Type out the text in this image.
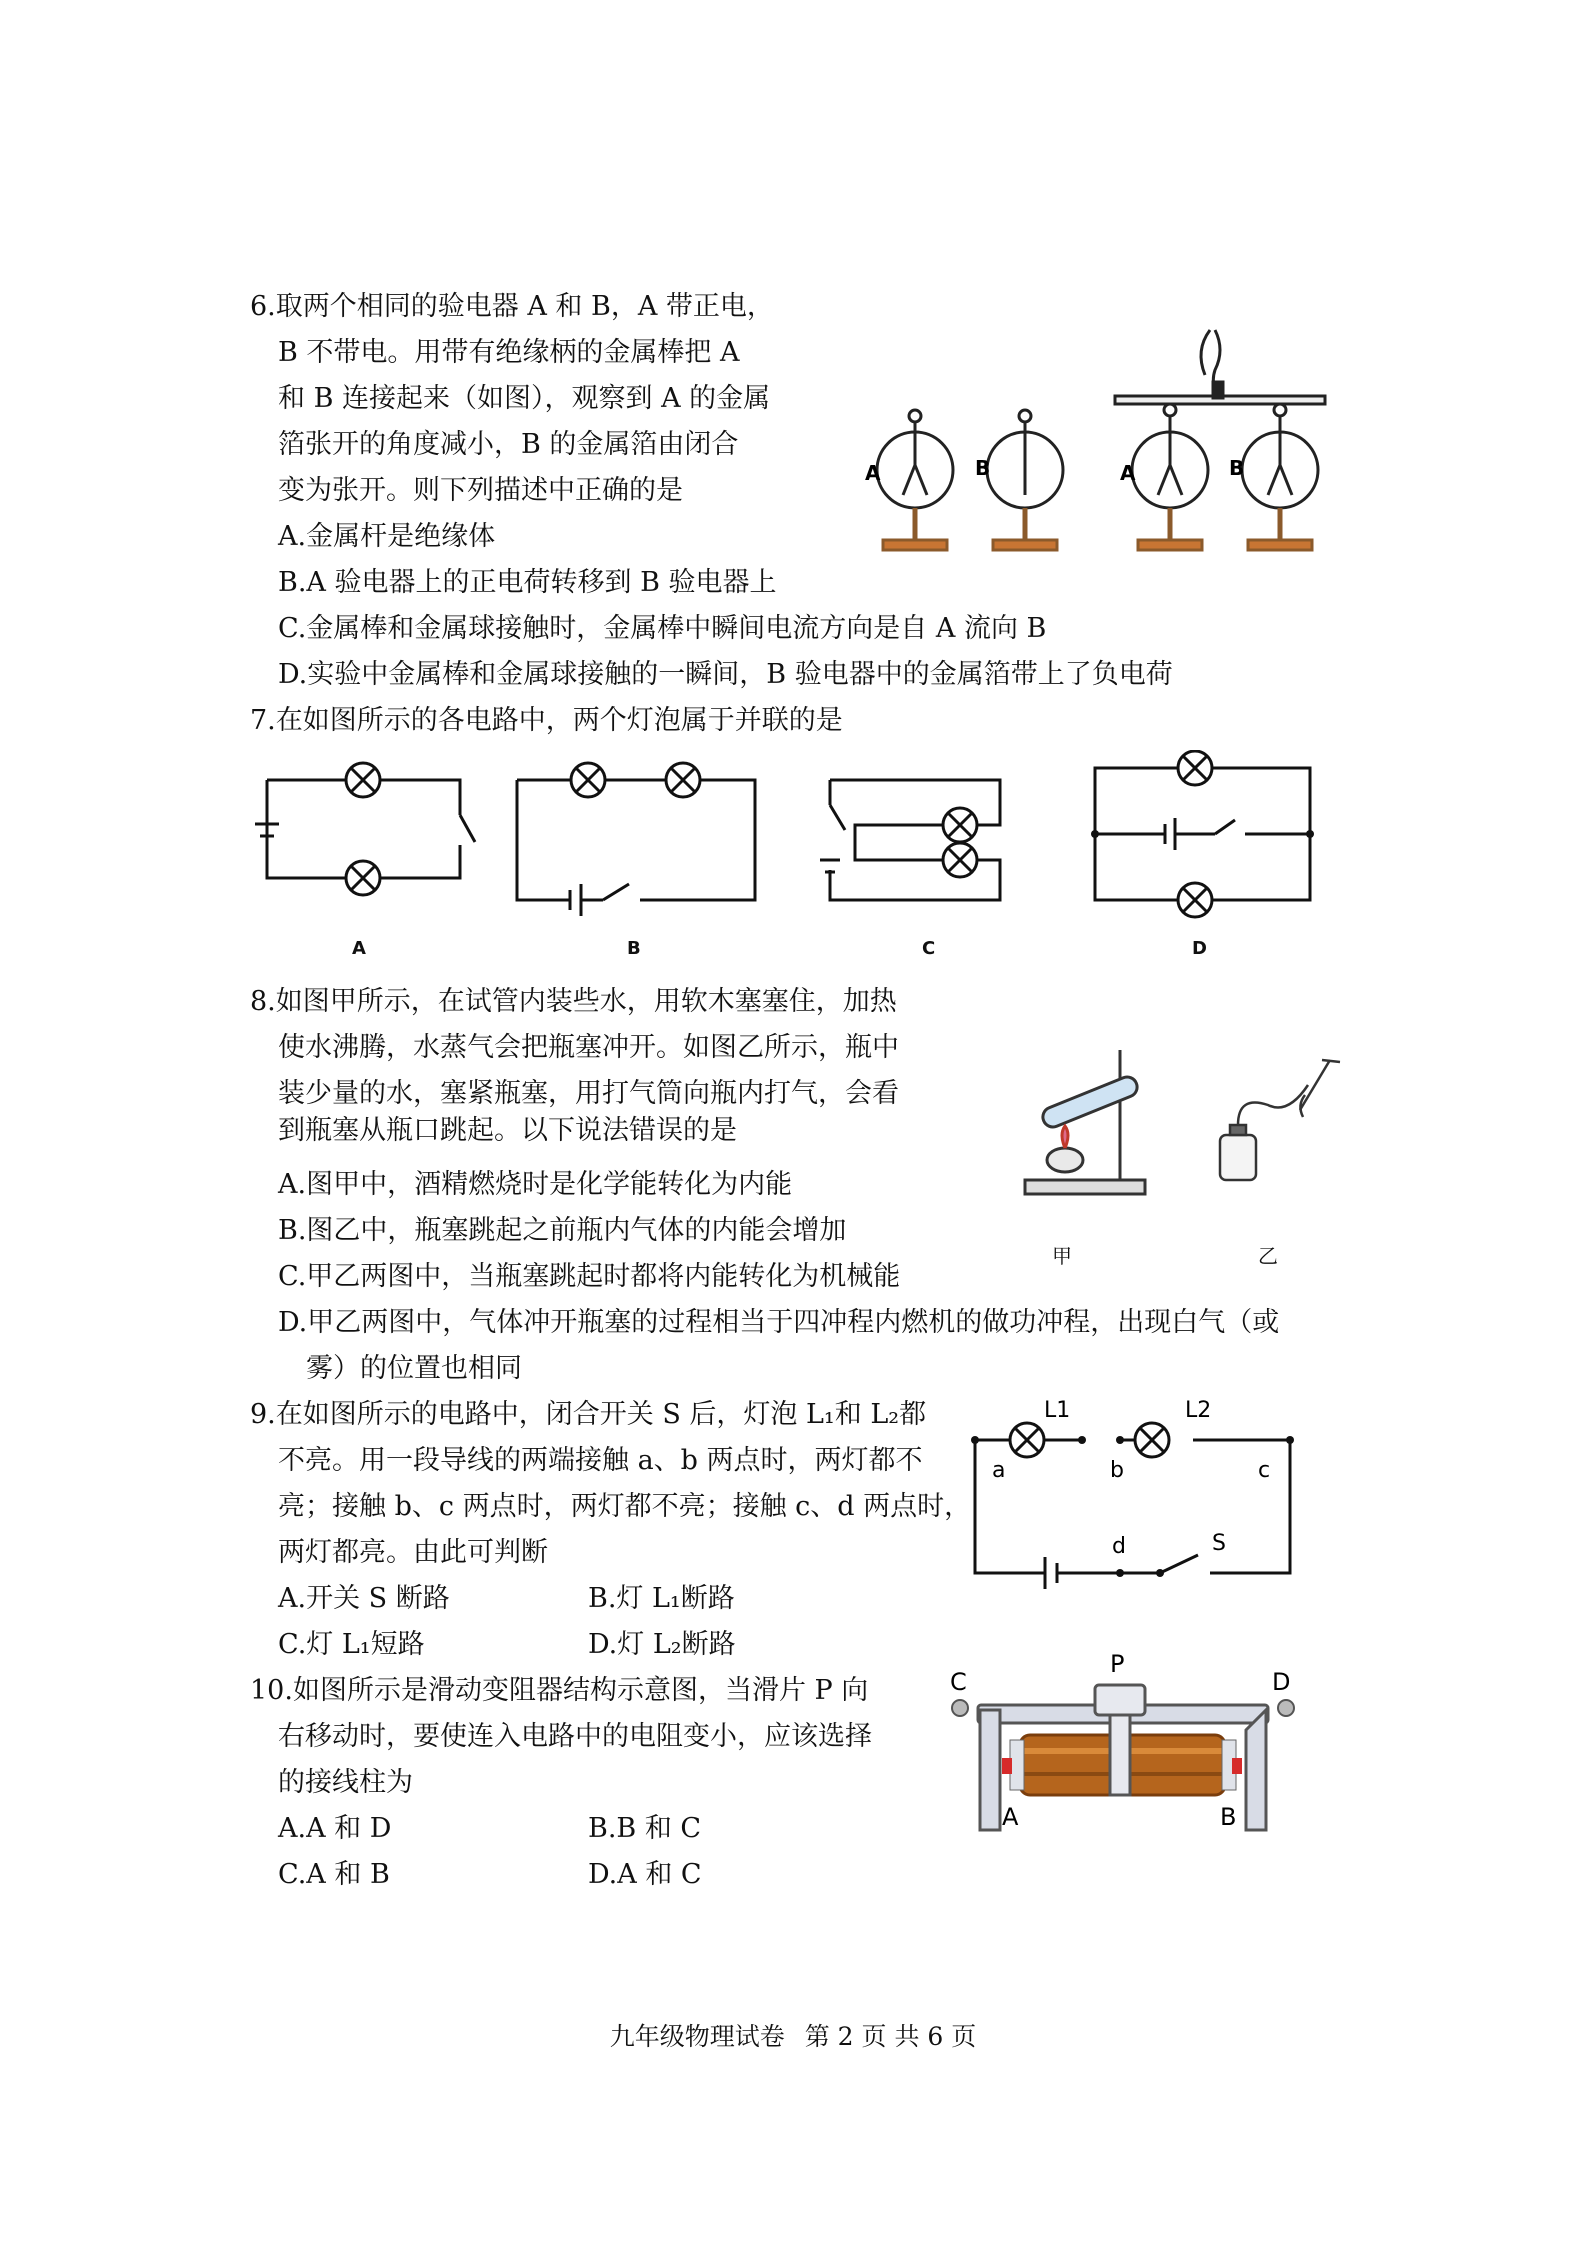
6.取两个相同的验电器 A 和 B，A 带正电，
B 不带电。用带有绝缘柄的金属棒把 A
和 B 连接起来（如图），观察到 A 的金属
箔张开的角度减小，B 的金属箔由闭合
变为张开。则下列描述中正确的是
A.金属杆是绝缘体
B.A 验电器上的正电荷转移到 B 验电器上
C.金属棒和金属球接触时，金属棒中瞬间电流方向是自 A 流向 B
D.实验中金属棒和金属球接触的一瞬间，B 验电器中的金属箔带上了负电荷
A	B	A	B
7.在如图所示的各电路中，两个灯泡属于并联的是
A	B	C	D
8.如图甲所示，在试管内装些水，用软木塞塞住，加热
使水沸腾，水蒸气会把瓶塞冲开。如图乙所示，瓶中
装少量的水，塞紧瓶塞，用打气筒向瓶内打气，会看
到瓶塞从瓶口跳起。以下说法错误的是
A.图甲中，酒精燃烧时是化学能转化为内能
B.图乙中，瓶塞跳起之前瓶内气体的内能会增加
C.甲乙两图中，当瓶塞跳起时都将内能转化为机械能
D.甲乙两图中，气体冲开瓶塞的过程相当于四冲程内燃机的做功冲程，出现白气（或
雾）的位置也相同
甲	乙
9.在如图所示的电路中，闭合开关 S 后，灯泡 L₁和 L₂都
不亮。用一段导线的两端接触 a、b 两点时，两灯都不
亮；接触 b、c 两点时，两灯都不亮；接触 c、d 两点时，
两灯都亮。由此可判断
A.开关 S 断路	B.灯 L₁断路
C.灯 L₁短路	D.灯 L₂断路
L1	L2
a	b	c
d	S
10.如图所示是滑动变阻器结构示意图，当滑片 P 向
右移动时，要使连入电路中的电阻变小，应该选择
的接线柱为
A.A 和 D	B.B 和 C
C.A 和 B	D.A 和 C
P
C	D
A	B
九年级物理试卷 第 2 页 共 6 页
